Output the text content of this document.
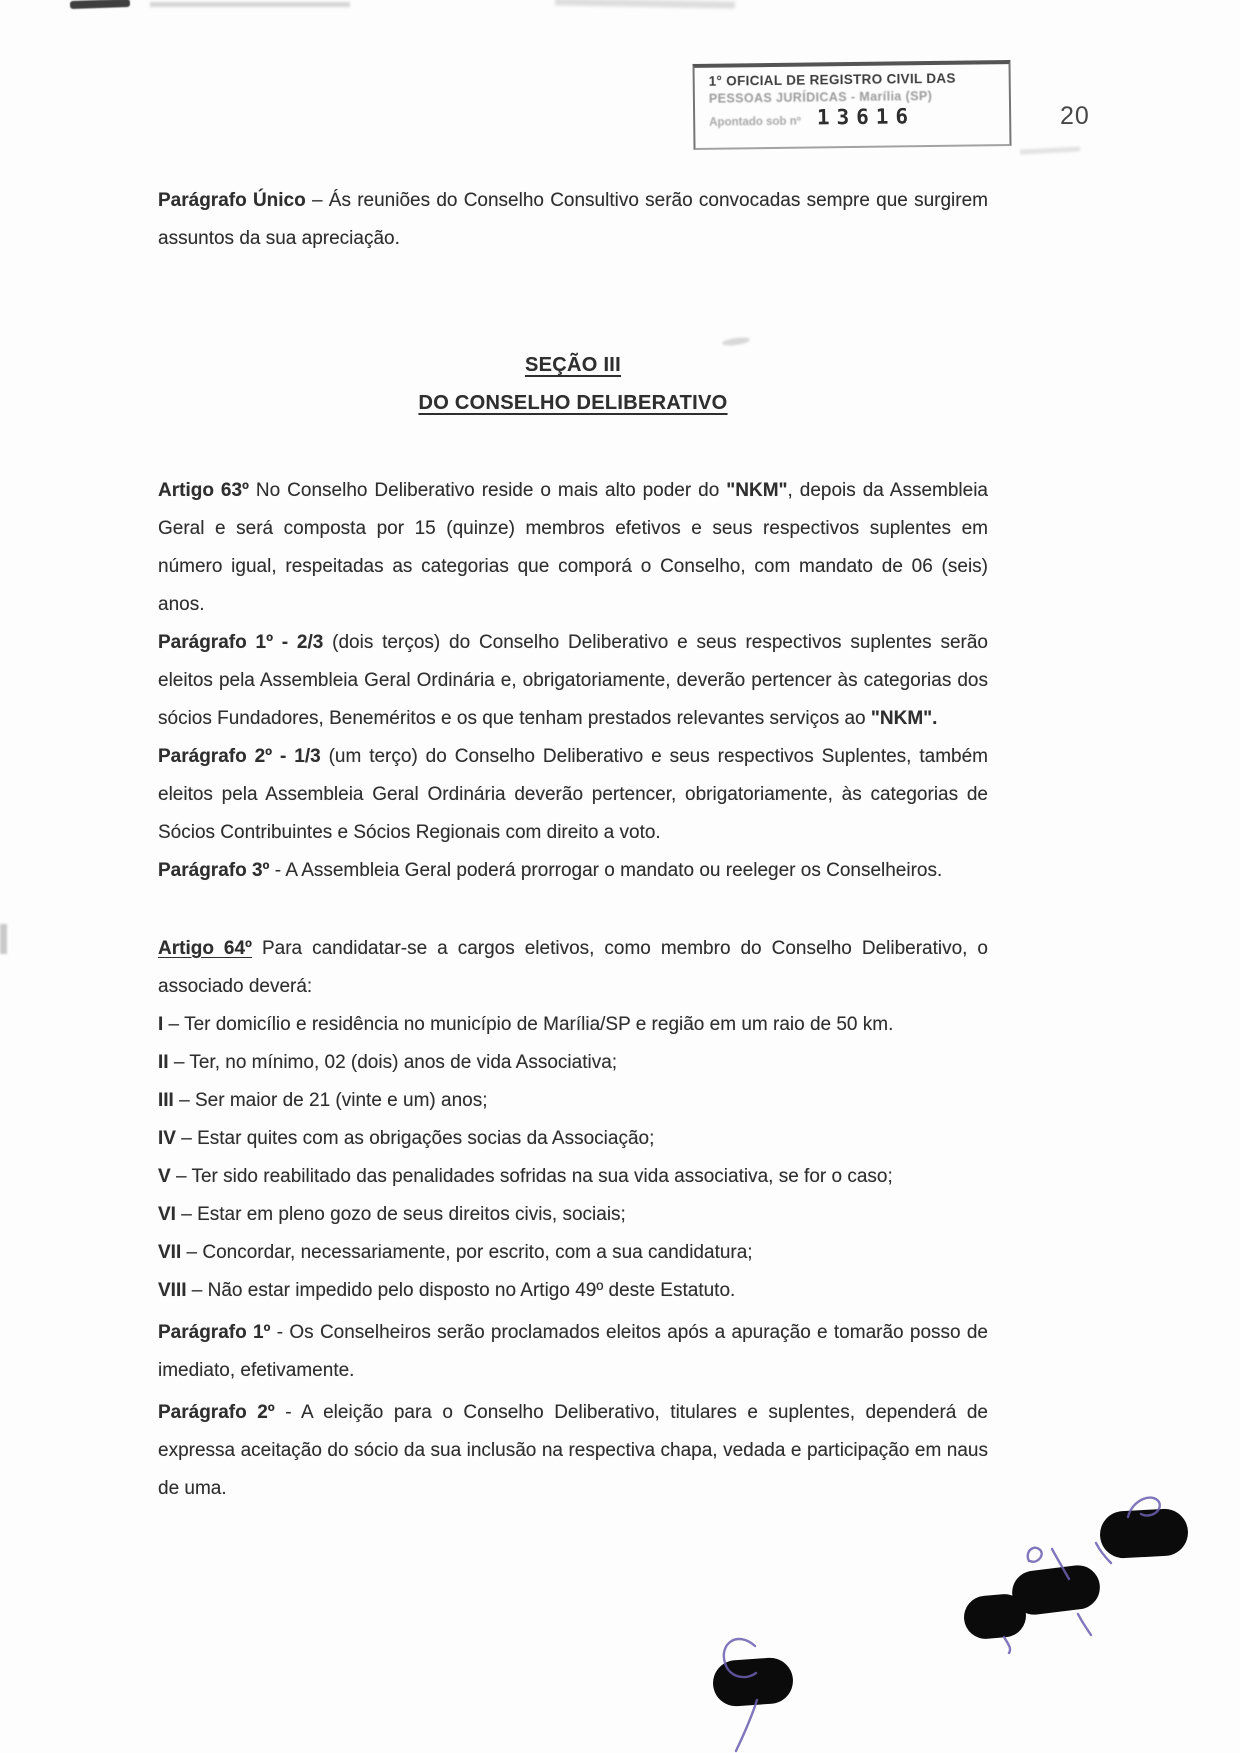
1° OFICIAL DE REGISTRO CIVIL DAS
PESSOAS JURÍDICAS - Marília (SP)
Apontado sob nº 13616	20

Parágrafo Único – Ás reuniões do Conselho Consultivo serão convocadas sempre que surgirem assuntos da sua apreciação.

SEÇÃO III

DO CONSELHO DELIBERATIVO

Artigo 63º No Conselho Deliberativo reside o mais alto poder do "NKM", depois da Assembleia Geral e será composta por 15 (quinze) membros efetivos e seus respectivos suplentes em número igual, respeitadas as categorias que comporá o Conselho, com mandato de 06 (seis) anos.

Parágrafo 1º - 2/3 (dois terços) do Conselho Deliberativo e seus respectivos suplentes serão eleitos pela Assembleia Geral Ordinária e, obrigatoriamente, deverão pertencer às categorias dos sócios Fundadores, Beneméritos e os que tenham prestados relevantes serviços ao "NKM".

Parágrafo 2º - 1/3 (um terço) do Conselho Deliberativo e seus respectivos Suplentes, também eleitos pela Assembleia Geral Ordinária deverão pertencer, obrigatoriamente, às categorias de Sócios Contribuintes e Sócios Regionais com direito a voto.

Parágrafo 3º - A Assembleia Geral poderá prorrogar o mandato ou reeleger os Conselheiros.

Artigo 64º Para candidatar-se a cargos eletivos, como membro do Conselho Deliberativo, o associado deverá:

I – Ter domicílio e residência no município de Marília/SP e região em um raio de 50 km.

II – Ter, no mínimo, 02 (dois) anos de vida Associativa;

III – Ser maior de 21 (vinte e um) anos;

IV – Estar quites com as obrigações socias da Associação;

V – Ter sido reabilitado das penalidades sofridas na sua vida associativa, se for o caso;

VI – Estar em pleno gozo de seus direitos civis, sociais;

VII – Concordar, necessariamente, por escrito, com a sua candidatura;

VIII – Não estar impedido pelo disposto no Artigo 49º deste Estatuto.

Parágrafo 1º - Os Conselheiros serão proclamados eleitos após a apuração e tomarão posso de imediato, efetivamente.

Parágrafo 2º - A eleição para o Conselho Deliberativo, titulares e suplentes, dependerá de expressa aceitação do sócio da sua inclusão na respectiva chapa, vedada e participação em naus de uma.
